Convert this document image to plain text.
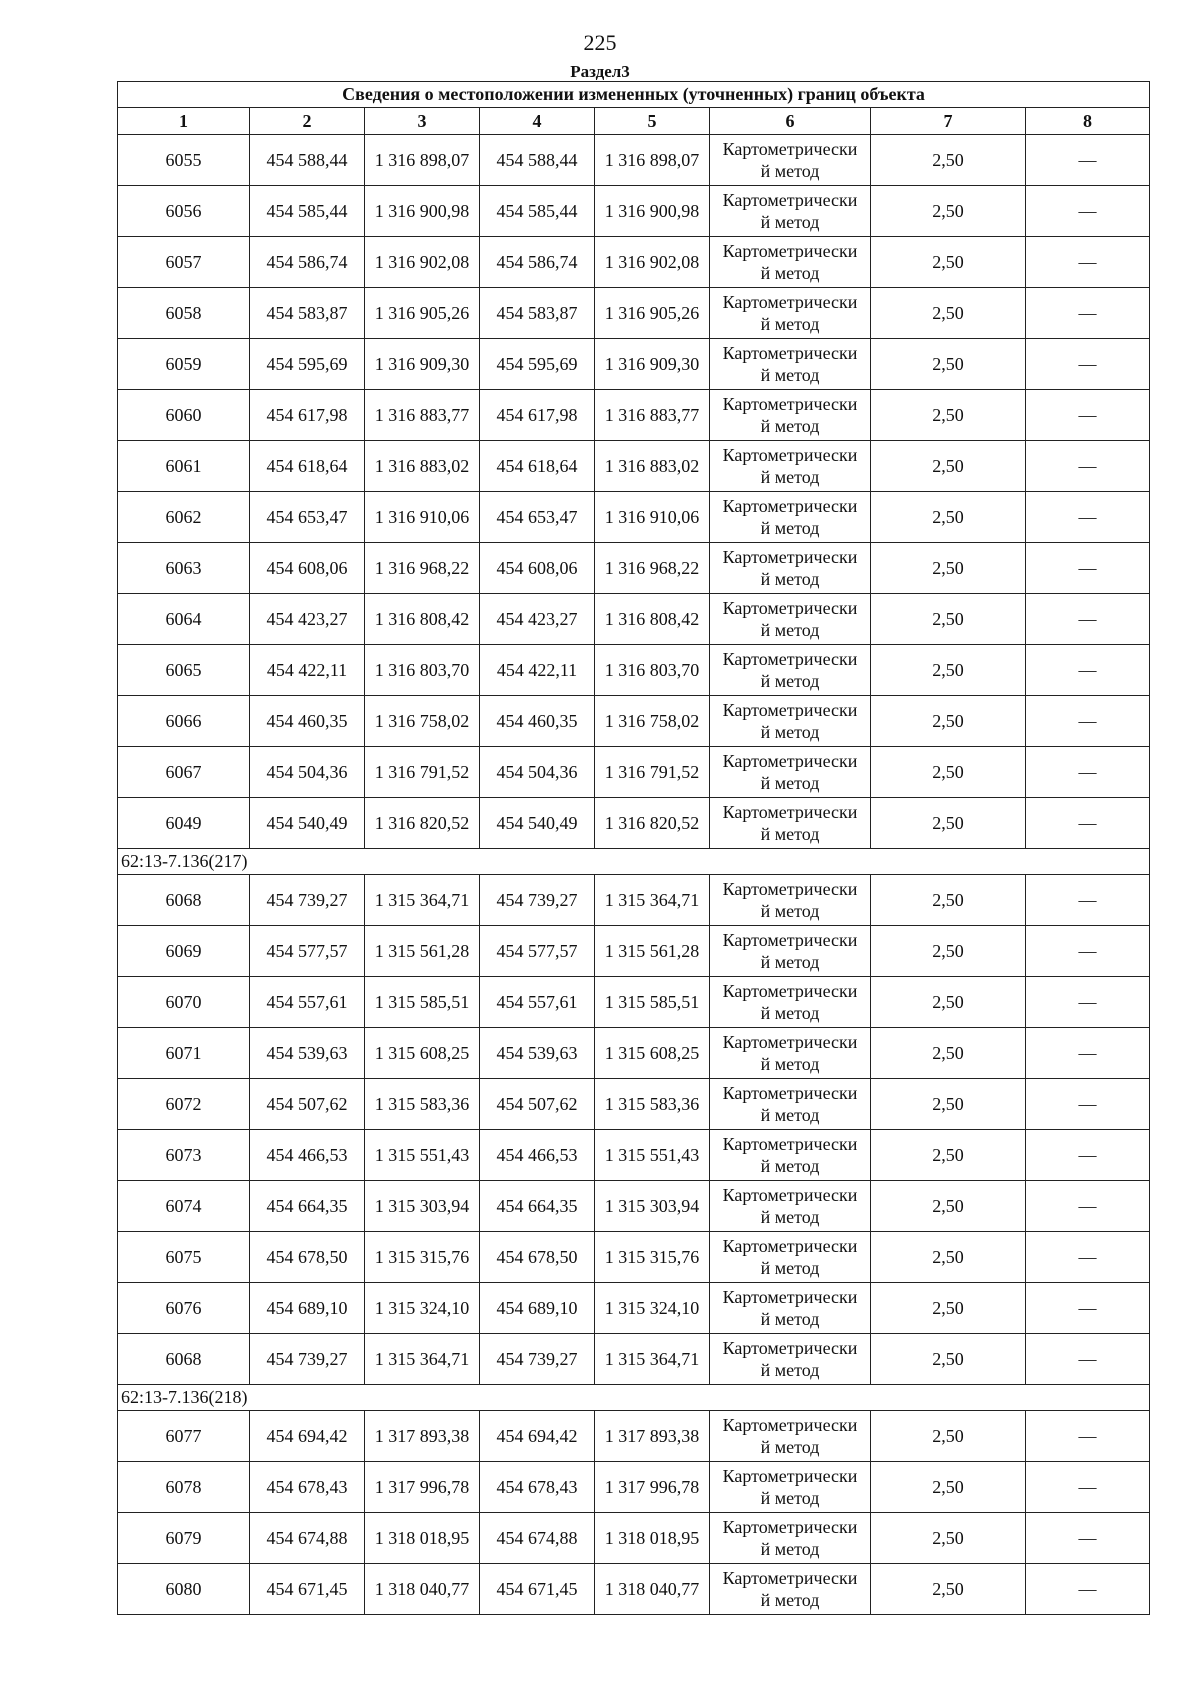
225
Раздел3
Сведения о местоположении измененных (уточненных) границ объекта							
1	2	3	4	5	6	7	8
6055	454 588,44	1 316 898,07	454 588,44	1 316 898,07	Картометрически
й метод	2,50	—
6056	454 585,44	1 316 900,98	454 585,44	1 316 900,98	Картометрически
й метод	2,50	—
6057	454 586,74	1 316 902,08	454 586,74	1 316 902,08	Картометрически
й метод	2,50	—
6058	454 583,87	1 316 905,26	454 583,87	1 316 905,26	Картометрически
й метод	2,50	—
6059	454 595,69	1 316 909,30	454 595,69	1 316 909,30	Картометрически
й метод	2,50	—
6060	454 617,98	1 316 883,77	454 617,98	1 316 883,77	Картометрически
й метод	2,50	—
6061	454 618,64	1 316 883,02	454 618,64	1 316 883,02	Картометрически
й метод	2,50	—
6062	454 653,47	1 316 910,06	454 653,47	1 316 910,06	Картометрически
й метод	2,50	—
6063	454 608,06	1 316 968,22	454 608,06	1 316 968,22	Картометрически
й метод	2,50	—
6064	454 423,27	1 316 808,42	454 423,27	1 316 808,42	Картометрически
й метод	2,50	—
6065	454 422,11	1 316 803,70	454 422,11	1 316 803,70	Картометрически
й метод	2,50	—
6066	454 460,35	1 316 758,02	454 460,35	1 316 758,02	Картометрически
й метод	2,50	—
6067	454 504,36	1 316 791,52	454 504,36	1 316 791,52	Картометрически
й метод	2,50	—
6049	454 540,49	1 316 820,52	454 540,49	1 316 820,52	Картометрически
й метод	2,50	—
62:13-7.136(217)							
6068	454 739,27	1 315 364,71	454 739,27	1 315 364,71	Картометрически
й метод	2,50	—
6069	454 577,57	1 315 561,28	454 577,57	1 315 561,28	Картометрически
й метод	2,50	—
6070	454 557,61	1 315 585,51	454 557,61	1 315 585,51	Картометрически
й метод	2,50	—
6071	454 539,63	1 315 608,25	454 539,63	1 315 608,25	Картометрически
й метод	2,50	—
6072	454 507,62	1 315 583,36	454 507,62	1 315 583,36	Картометрически
й метод	2,50	—
6073	454 466,53	1 315 551,43	454 466,53	1 315 551,43	Картометрически
й метод	2,50	—
6074	454 664,35	1 315 303,94	454 664,35	1 315 303,94	Картометрически
й метод	2,50	—
6075	454 678,50	1 315 315,76	454 678,50	1 315 315,76	Картометрически
й метод	2,50	—
6076	454 689,10	1 315 324,10	454 689,10	1 315 324,10	Картометрически
й метод	2,50	—
6068	454 739,27	1 315 364,71	454 739,27	1 315 364,71	Картометрически
й метод	2,50	—
62:13-7.136(218)							
6077	454 694,42	1 317 893,38	454 694,42	1 317 893,38	Картометрически
й метод	2,50	—
6078	454 678,43	1 317 996,78	454 678,43	1 317 996,78	Картометрически
й метод	2,50	—
6079	454 674,88	1 318 018,95	454 674,88	1 318 018,95	Картометрически
й метод	2,50	—
6080	454 671,45	1 318 040,77	454 671,45	1 318 040,77	Картометрически
й метод	2,50	—
